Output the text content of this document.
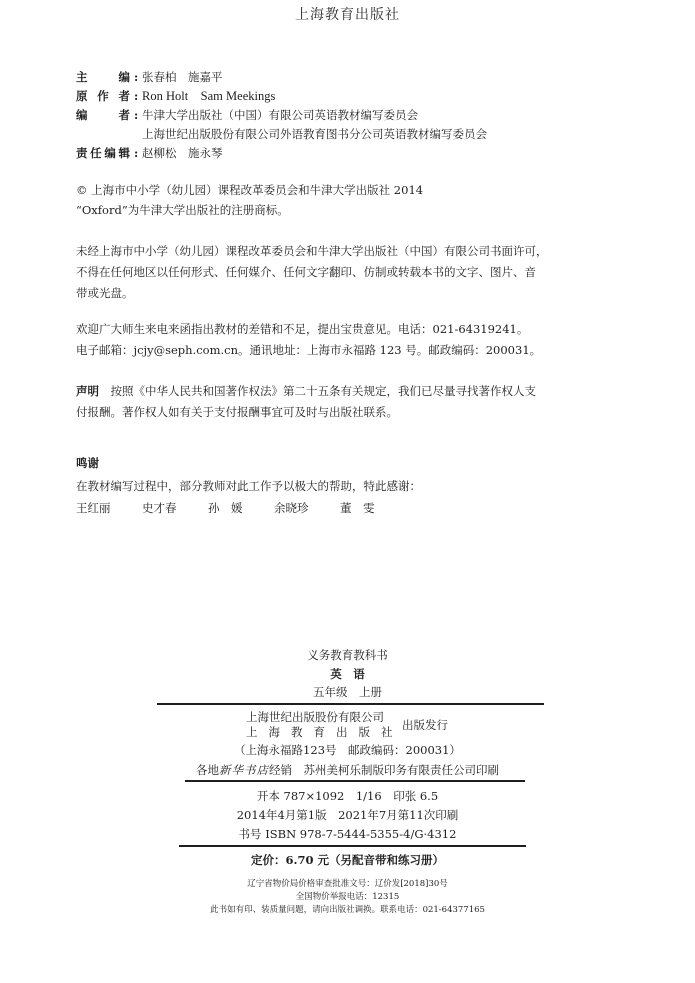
上海教育出版社
主编 : 张春柏　施嘉平
原作者 : Ron Holt　Sam Meekings
编者 : 牛津大学出版社（中国）有限公司英语教材编写委员会
上海世纪出版股份有限公司外语教育图书分公司英语教材编写委员会
责任编辑 : 赵柳松　施永琴
© 上海市中小学（幼儿园）课程改革委员会和牛津大学出版社 2014
“Oxford”为牛津大学出版社的注册商标。
未经上海市中小学（幼儿园）课程改革委员会和牛津大学出版社（中国）有限公司书面许可，
不得在任何地区以任何形式、任何媒介、任何文字翻印、仿制或转载本书的文字、图片、音
带或光盘。
欢迎广大师生来电来函指出教材的差错和不足，提出宝贵意见。电话：021-64319241。
电子邮箱：jcjy@seph.com.cn。通讯地址：上海市永福路 123 号。邮政编码：200031。
声明　 按照《中华人民共和国著作权法》第二十五条有关规定，我们已尽量寻找著作权人支
付报酬。著作权人如有关于支付报酬事宜可及时与出版社联系。
鸣谢
在教材编写过程中，部分教师对此工作予以极大的帮助，特此感谢：
王红丽	史才春	孙　媛	余晓珍	董　雯
义务教育教科书
英　语
五年级　上册
上海世纪出版股份有限公司
上海教育出版社
出版发行
（上海永福路123号　邮政编码：200031）
各地新华书店经销　苏州美柯乐制版印务有限责任公司印刷
开本 787×1092　1/16　印张 6.5
2014年4月第1版　2021年7月第11次印刷
书号 ISBN 978-7-5444-5355-4/G·4312
定价：6.70 元（另配音带和练习册）
辽宁省物价局价格审查批准文号：辽价发[2018]30号
全国物价举报电话：12315
此书如有印、装质量问题，请向出版社调换。联系电话：021-64377165
